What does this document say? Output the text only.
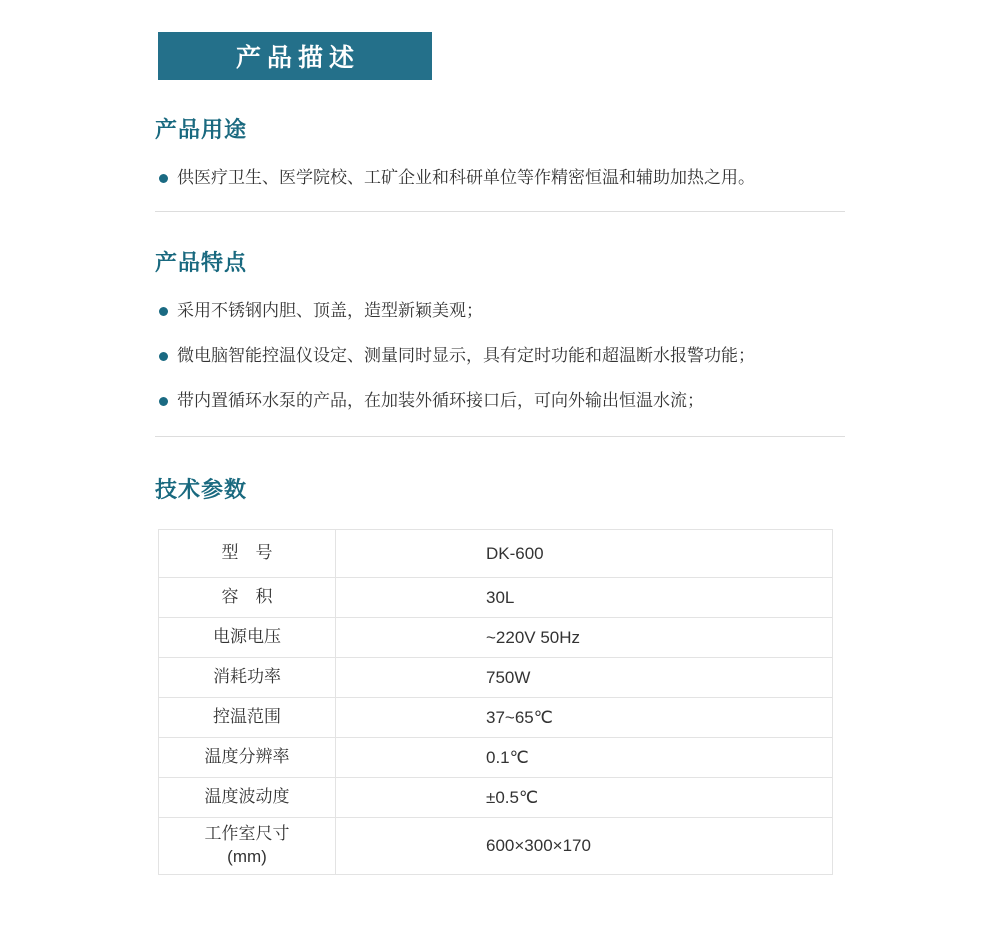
产品描述
产品用途
供医疗卫生、医学院校、工矿企业和科研单位等作精密恒温和辅助加热之用。
产品特点
采用不锈钢内胆、顶盖，造型新颖美观；
微电脑智能控温仪设定、测量同时显示，具有定时功能和超温断水报警功能；
带内置循环水泵的产品，在加装外循环接口后，可向外输出恒温水流；
技术参数
型　号	DK-600
容　积	30L
电源电压	~220V 50Hz
消耗功率	750W
控温范围	37~65℃
温度分辨率	0.1℃
温度波动度	±0.5℃

工作室尺寸
(mm)	600×300×170
